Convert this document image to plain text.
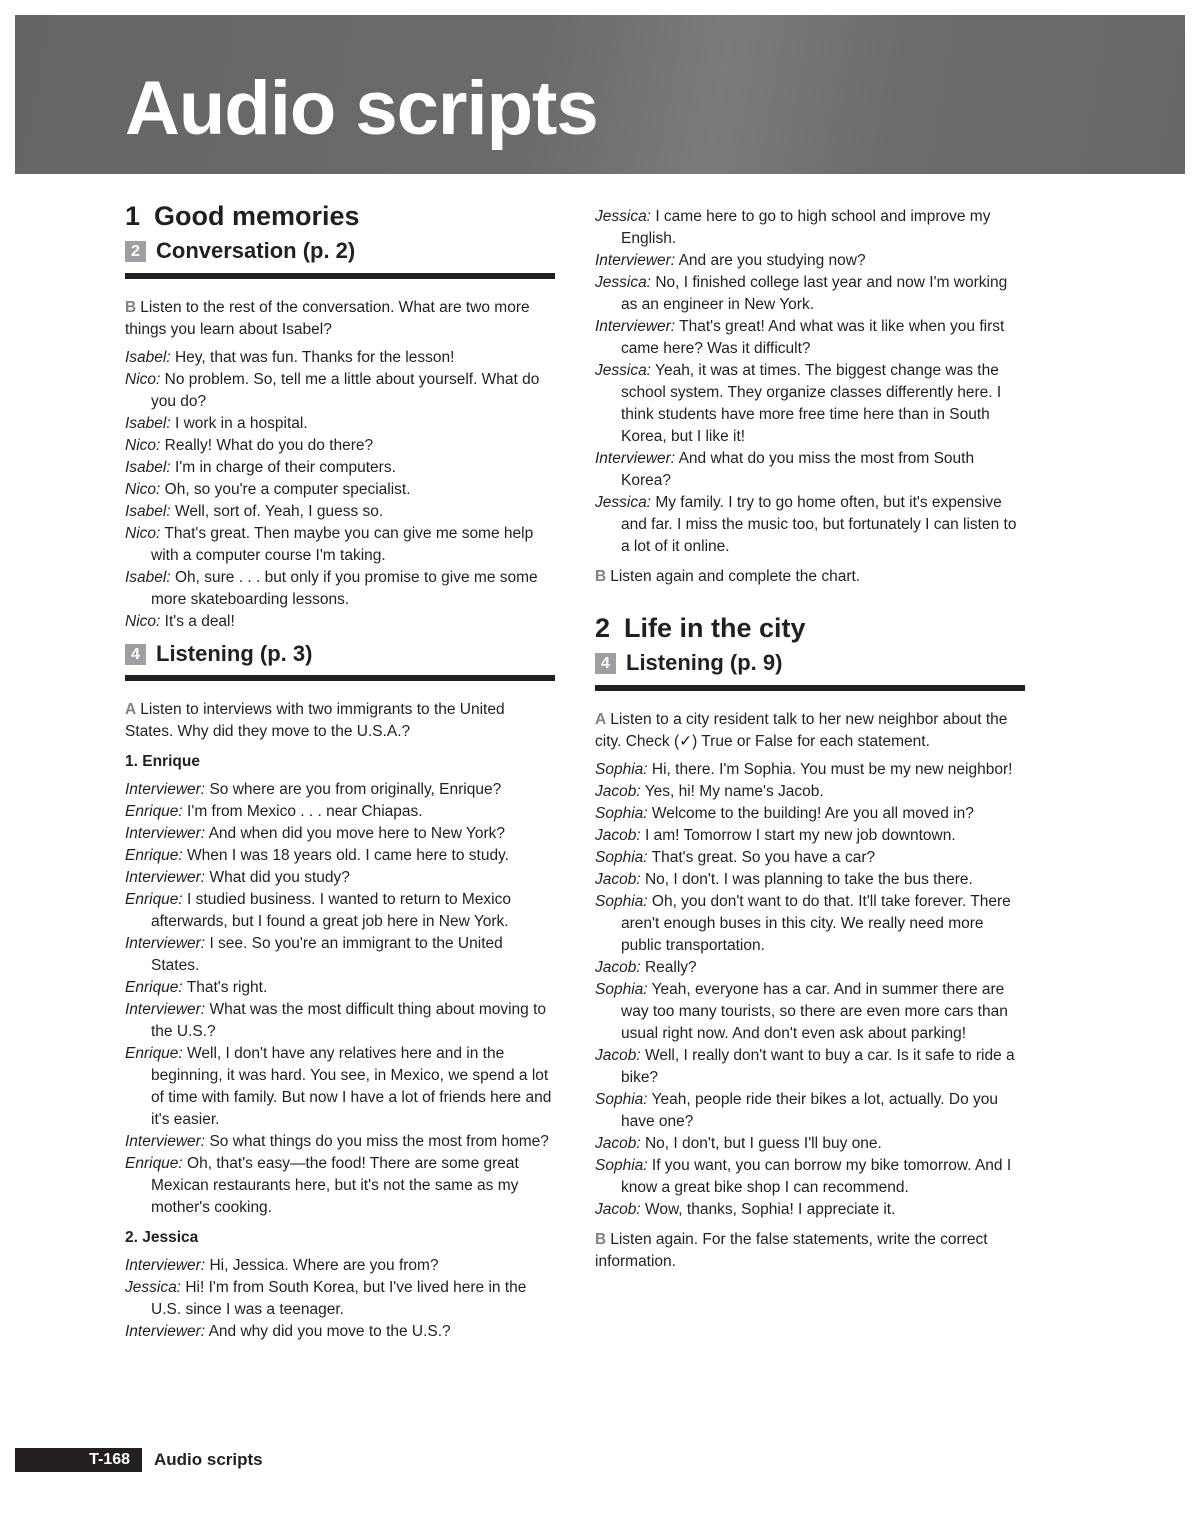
Audio scripts
1 Good memories
2 Conversation (p. 2)

B Listen to the rest of the conversation. What are two more things you learn about Isabel?

Isabel: Hey, that was fun. Thanks for the lesson!

Nico: No problem. So, tell me a little about yourself. What do you do?

Isabel: I work in a hospital.

Nico: Really! What do you do there?

Isabel: I'm in charge of their computers.

Nico: Oh, so you're a computer specialist.

Isabel: Well, sort of. Yeah, I guess so.

Nico: That's great. Then maybe you can give me some help with a computer course I'm taking.

Isabel: Oh, sure . . . but only if you promise to give me some more skateboarding lessons.

Nico: It's a deal!

4 Listening (p. 3)

A Listen to interviews with two immigrants to the United States. Why did they move to the U.S.A.?

1. Enrique

Interviewer: So where are you from originally, Enrique?

Enrique: I'm from Mexico . . . near Chiapas.

Interviewer: And when did you move here to New York?

Enrique: When I was 18 years old. I came here to study.

Interviewer: What did you study?

Enrique: I studied business. I wanted to return to Mexico afterwards, but I found a great job here in New York.

Interviewer: I see. So you're an immigrant to the United States.

Enrique: That's right.

Interviewer: What was the most difficult thing about moving to the U.S.?

Enrique: Well, I don't have any relatives here and in the beginning, it was hard. You see, in Mexico, we spend a lot of time with family. But now I have a lot of friends here and it's easier.

Interviewer: So what things do you miss the most from home?

Enrique: Oh, that's easy—the food! There are some great Mexican restaurants here, but it's not the same as my mother's cooking.

2. Jessica

Interviewer: Hi, Jessica. Where are you from?

Jessica: Hi! I'm from South Korea, but I've lived here in the U.S. since I was a teenager.

Interviewer: And why did you move to the U.S.?

Jessica: I came here to go to high school and improve my English.

Interviewer: And are you studying now?

Jessica: No, I finished college last year and now I'm working as an engineer in New York.

Interviewer: That's great! And what was it like when you first came here? Was it difficult?

Jessica: Yeah, it was at times. The biggest change was the school system. They organize classes differently here. I think students have more free time here than in South Korea, but I like it!

Interviewer: And what do you miss the most from South Korea?

Jessica: My family. I try to go home often, but it's expensive and far. I miss the music too, but fortunately I can listen to a lot of it online.

B Listen again and complete the chart.

2 Life in the city
4 Listening (p. 9)

A Listen to a city resident talk to her new neighbor about the city. Check (✓) True or False for each statement.

Sophia: Hi, there. I'm Sophia. You must be my new neighbor!

Jacob: Yes, hi! My name's Jacob.

Sophia: Welcome to the building! Are you all moved in?

Jacob: I am! Tomorrow I start my new job downtown.

Sophia: That's great. So you have a car?

Jacob: No, I don't. I was planning to take the bus there.

Sophia: Oh, you don't want to do that. It'll take forever. There aren't enough buses in this city. We really need more public transportation.

Jacob: Really?

Sophia: Yeah, everyone has a car. And in summer there are way too many tourists, so there are even more cars than usual right now. And don't even ask about parking!

Jacob: Well, I really don't want to buy a car. Is it safe to ride a bike?

Sophia: Yeah, people ride their bikes a lot, actually. Do you have one?

Jacob: No, I don't, but I guess I'll buy one.

Sophia: If you want, you can borrow my bike tomorrow. And I know a great bike shop I can recommend.

Jacob: Wow, thanks, Sophia! I appreciate it.

B Listen again. For the false statements, write the correct information.

T-168	Audio scripts
